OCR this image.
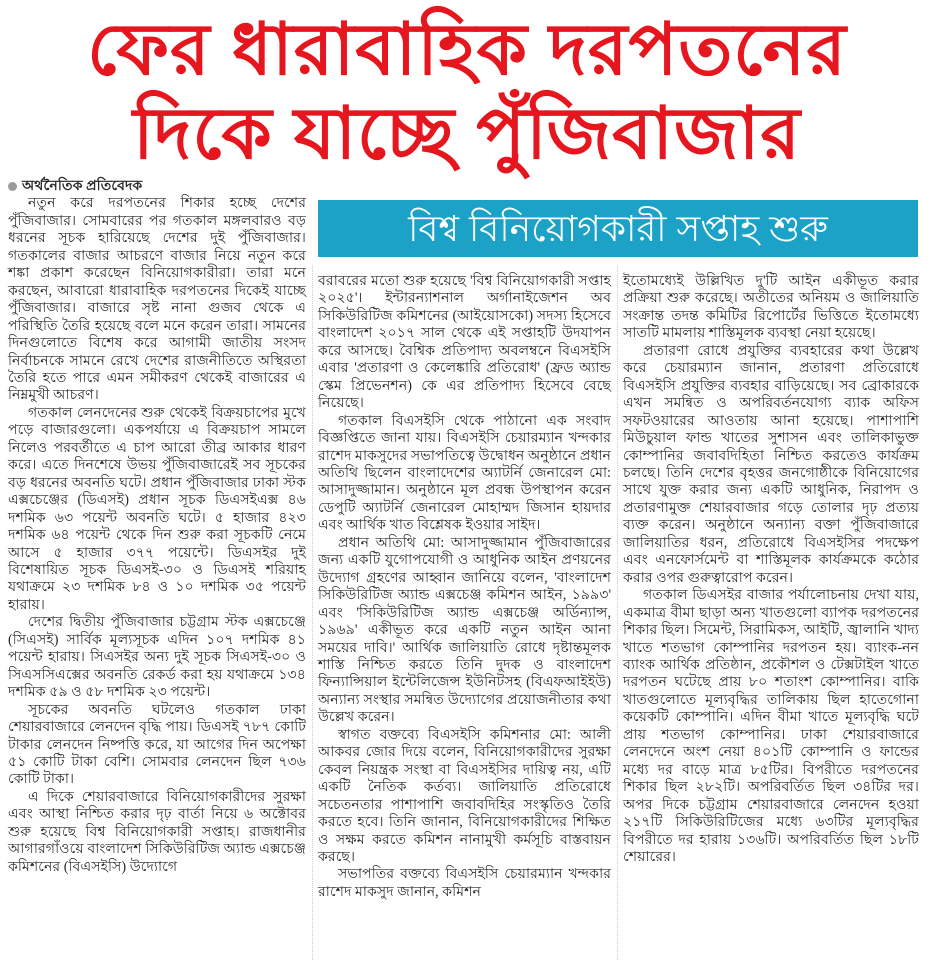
ফের ধারাবাহিক দরপতনের
দিকে যাচ্ছে পুঁজিবাজার
বিশ্ব বিনিয়োগকারী সপ্তাহ শুরু
অর্থনৈতিক প্রতিবেদক

নতুন করে দরপতনের শিকার হচ্ছে দেশের পুঁজিবাজার। সোমবারের পর গতকাল মঙ্গলবারও বড় ধরনের সূচক হারিয়েছে দেশের দুই পুঁজিবাজার। গতকালের বাজার আচরণে বাজার নিয়ে নতুন করে শঙ্কা প্রকাশ করেছেন বিনিয়োগকারীরা। তারা মনে করছেন, আবারো ধারাবাহিক দরপতনের দিকেই যাচ্ছে পুঁজিবাজার। বাজারে সৃষ্ট নানা গুজব থেকে এ পরিস্থিতি তৈরি হয়েছে বলে মনে করেন তারা। সামনের দিনগুলোতে বিশেষ করে আগামী জাতীয় সংসদ নির্বাচনকে সামনে রেখে দেশের রাজনীতিতে অস্থিরতা তৈরি হতে পারে এমন সমীকরণ থেকেই বাজারের এ নিম্নমুখী আচরণ।

গতকাল লেনদেনের শুরু থেকেই বিক্রয়চাপের মুখে পড়ে বাজারগুলো। একপর্যায়ে এ বিক্রয়চাপ সামলে নিলেও পরবর্তীতে এ চাপ আরো তীব্র আকার ধারণ করে। এতে দিনশেষে উভয় পুঁজিবাজারেই সব সূচকের বড় ধরনের অবনতি ঘটে। প্রধান পুঁজিবাজার ঢাকা স্টক এক্সচেঞ্জের (ডিএসই) প্রধান সূচক ডিএসইএক্স ৪৬ দশমিক ৬৩ পয়েন্ট অবনতি ঘটে। ৫ হাজার ৪২৩ দশমিক ৬৪ পয়েন্ট থেকে দিন শুরু করা সূচকটি নেমে আসে ৫ হাজার ৩৭৭ পয়েন্টে। ডিএসইর দুই বিশেষায়িত সূচক ডিএসই-৩০ ও ডিএসই শরিয়াহ যথাক্রমে ২৩ দশমিক ৮৪ ও ১০ দশমিক ৩৫ পয়েন্ট হারায়।

দেশের দ্বিতীয় পুঁজিবাজার চট্টগ্রাম স্টক এক্সচেঞ্জে (সিএসই) সার্বিক মূল্যসূচক এদিন ১০৭ দশমিক ৪১ পয়েন্ট হারায়। সিএসইর অন্য দুই সূচক সিএসই-৩০ ও সিএসসিএক্সের অবনতি রেকর্ড করা হয় যথাক্রমে ১৩৪ দশমিক ৫৯ ও ৫৮ দশমিক ২৩ পয়েন্ট।

সূচকের অবনতি ঘটলেও গতকাল ঢাকা শেয়ারবাজারে লেনদেন বৃদ্ধি পায়। ডিএসই ৭৮৭ কোটি টাকার লেনদেন নিষ্পত্তি করে, যা আগের দিন অপেক্ষা ৫১ কোটি টাকা বেশি। সোমবার লেনদেন ছিল ৭৩৬ কোটি টাকা।

এ দিকে শেয়ারবাজারে বিনিয়োগকারীদের সুরক্ষা এবং আস্থা নিশ্চিত করার দৃঢ় বার্তা নিয়ে ৬ অক্টোবর শুরু হয়েছে বিশ্ব বিনিয়োগকারী সপ্তাহ। রাজধানীর আগারগাঁওয়ে বাংলাদেশ সিকিউরিটিজ অ্যান্ড এক্সচেঞ্জ কমিশনের (বিএসইসি) উদ্যোগে

বরাবরের মতো শুরু হয়েছে 'বিশ্ব বিনিয়োগকারী সপ্তাহ ২০২৫'। ইন্টারন্যাশনাল অর্গানাইজেশন অব সিকিউরিটিজ কমিশনের (আইয়োসকো) সদস্য হিসেবে বাংলাদেশ ২০১৭ সাল থেকে এই সপ্তাহটি উদযাপন করে আসছে। বৈশ্বিক প্রতিপাদ্য অবলম্বনে বিএসইসি এবার 'প্রতারণা ও কেলেঙ্কারি প্রতিরোধ' (ফ্রড অ্যান্ড স্কেম প্রিভেনশন) কে এর প্রতিপাদ্য হিসেবে বেছে নিয়েছে।

গতকাল বিএসইসি থেকে পাঠানো এক সংবাদ বিজ্ঞপ্তিতে জানা যায়। বিএসইসি চেয়ারম্যান খন্দকার রাশেদ মাকসুদের সভাপতিত্বে উদ্বোধন অনুষ্ঠানে প্রধান অতিথি ছিলেন বাংলাদেশের অ্যাটর্নি জেনারেল মো: আসাদুজ্জামান। অনুষ্ঠানে মূল প্রবন্ধ উপস্থাপন করেন ডেপুটি অ্যাটর্নি জেনারেল মোহাম্মদ জিসান হায়দার এবং আর্থিক খাত বিশ্লেষক ইওয়ার সাইদ।

প্রধান অতিথি মো: আসাদুজ্জামান পুঁজিবাজারের জন্য একটি যুগোপযোগী ও আধুনিক আইন প্রণয়নের উদ্যোগ গ্রহণের আহ্বান জানিয়ে বলেন, 'বাংলাদেশ সিকিউরিটিজ অ্যান্ড এক্সচেঞ্জ কমিশন আইন, ১৯৯৩' এবং 'সিকিউরিটিজ অ্যান্ড এক্সচেঞ্জ অর্ডিন্যান্স, ১৯৬৯' একীভূত করে একটি নতুন আইন আনা সময়ের দাবি।' আর্থিক জালিয়াতি রোধে দৃষ্টান্তমূলক শাস্তি নিশ্চিত করতে তিনি দুদক ও বাংলাদেশ ফিন্যান্সিয়াল ইন্টেলিজেন্স ইউনিটসহ (বিএফআইইউ) অন্যান্য সংস্থার সমন্বিত উদ্যোগের প্রয়োজনীতার কথা উল্লেখ করেন।

স্বাগত বক্তব্যে বিএসইসি কমিশনার মো: আলী আকবর জোর দিয়ে বলেন, বিনিয়োগকারীদের সুরক্ষা কেবল নিয়ন্ত্রক সংস্থা বা বিএসইসির দায়িত্ব নয়, এটি একটি নৈতিক কর্তব্য। জালিয়াতি প্রতিরোধে সচেতনতার পাশাপাশি জবাবদিহির সংস্কৃতিও তৈরি করতে হবে। তিনি জানান, বিনিয়োগকারীদের শিক্ষিত ও সক্ষম করতে কমিশন নানামুখী কর্মসূচি বাস্তবায়ন করছে।

সভাপতির বক্তব্যে বিএসইসি চেয়ারম্যান খন্দকার রাশেদ মাকসুদ জানান, কমিশন

ইতোমধ্যেই উল্লিখিত দু'টি আইন একীভূত করার প্রক্রিয়া শুরু করেছে। অতীতের অনিয়ম ও জালিয়াতি সংক্রান্ত তদন্ত কমিটির রিপোর্টের ভিত্তিতে ইতোমধ্যে সাতটি মামলায় শাস্তিমূলক ব্যবস্থা নেয়া হয়েছে।

প্রতারণা রোধে প্রযুক্তির ব্যবহারের কথা উল্লেখ করে চেয়ারম্যান জানান, প্রতারণা প্রতিরোধে বিএসইসি প্রযুক্তির ব্যবহার বাড়িয়েছে। সব ব্রোকারকে এখন সমন্বিত ও অপরিবর্তনযোগ্য ব্যাক অফিস সফটওয়ারের আওতায় আনা হয়েছে। পাশাপাশি মিউচুয়াল ফান্ড খাতের সুশাসন এবং তালিকাভুক্ত কোম্পানির জবাবদিহিতা নিশ্চিত করতেও কার্যক্রম চলছে। তিনি দেশের বৃহত্তর জনগোষ্ঠীকে বিনিয়োগের সাথে যুক্ত করার জন্য একটি আধুনিক, নিরাপদ ও প্রতারণামুক্ত শেয়ারবাজার গড়ে তোলার দৃঢ় প্রত্যয় ব্যক্ত করেন। অনুষ্ঠানে অন্যান্য বক্তা পুঁজিবাজারে জালিয়াতির ধরন, প্রতিরোধে বিএসইসির পদক্ষেপ এবং এনফোর্সমেন্ট বা শাস্তিমূলক কার্যক্রমকে কঠোর করার ওপর গুরুত্বারোপ করেন।

গতকাল ডিএসইর বাজার পর্যালোচনায় দেখা যায়, একমাত্র বীমা ছাড়া অন্য খাতগুলো ব্যাপক দরপতনের শিকার ছিল। সিমেন্ট, সিরামিকস, আইটি, জ্বালানি খাদ্য খাতে শতভাগ কোম্পানির দরপতন হয়। ব্যাংক-নন ব্যাংক আর্থিক প্রতিষ্ঠান, প্রকৌশল ও টেক্সটাইল খাতে দরপতন ঘটেছে প্রায় ৮০ শতাংশ কোম্পানির। বাকি খাতগুলোতে মূল্যবৃদ্ধির তালিকায় ছিল হাতেগোনা কয়েকটি কোম্পানি। এদিন বীমা খাতে মূল্যবৃদ্ধি ঘটে প্রায় শতভাগ কোম্পানির। ঢাকা শেয়ারবাজারে লেনদেনে অংশ নেয়া ৪০১টি কোম্পানি ও ফান্ডের মধ্যে দর বাড়ে মাত্র ৮৫টির। বিপরীতে দরপতনের শিকার ছিল ২৮২টি। অপরিবর্তিত ছিল ৩৪টির দর। অপর দিকে চট্টগ্রাম শেয়ারবাজারে লেনদেন হওয়া ২১৭টি সিকিউরিটিজের মধ্যে ৬৩টির মূল্যবৃদ্ধির বিপরীতে দর হারায় ১৩৬টি। অপরিবর্তিত ছিল ১৮টি শেয়ারের।
